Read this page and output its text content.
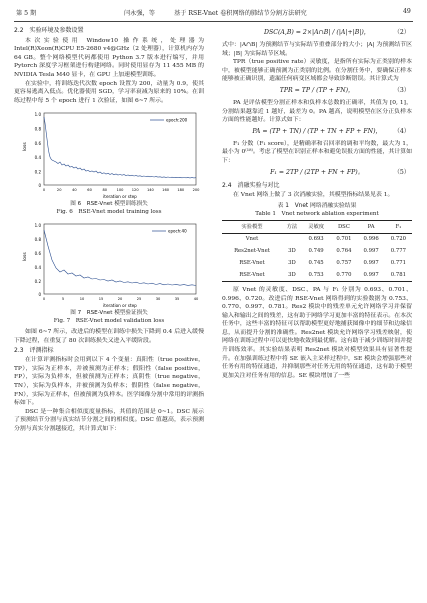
第 5 期	闫永强，等	基于 RSE-Vnet 卷积网络的肺结节分割方法研究	49
2.2　实验环境及参数设置

本次实验使用 Window10 操作系统，处理器为 Intel(R)Xeon(R)CPU E5-2680 v4@GHz（2 处理器），计算机内存为 64 GB。整个网络模型代码都使用 Python 3.7 版本进行编写，并用 Pytorch 深度学习框架进行构建网络。同时使用显存为 11 455 MB 的 NVIDIA Tesla M40 显卡，在 GPU 上加速模型训练。

在实验中，将训练迭代次数 epoch 设置为 200，动量为 0.9，使其更容易逃离入低点。优化器使用 SGD，学习率衰减为原来的 10%。在训练过程中每 5 个 epoch 进行 1 次验证，如图 6~7 所示。

loss
1.0
0.8
0.6
0.4
0.2
0
0	20	40	60	80	100 120 140 160 180 200
iteration or step
epoch:200

图 6　RSE-Vnet 模型训练损失

Fig. 6　RSE-Vnet model training loss

loss
1.0
0.8
0.6
0.4
0.2
0
0	5	10	15	20	25	30	35	40
iteration or step
epoch:40

图 7　RSE-Vnet 模型验证损失

Fig. 7　RSE-Vnet model validation loss

如图 6~7 所示，改进后的模型在训练中损失下降到 0.4 后进入缓慢下降过程，在重复了 80 次训练损失又进入平缓阶段。

2.3　评测指标

在计算评测指标时会用到以下 4 个变量：真阳性（true positive，TP），实际为正样本，并被预测为正样本；假阳性（false positive，FP），实际为负样本，但被预测为正样本；真阴性（true negative，TN），实际为负样本，并被预测为负样本；假阴性（false negative，FN），实际为正样本，但被预测为负样本。医学图像分割中常用的评测指标如下。

DSC 是一种集合相似度度量指标，其值的范围是 0~1。DSC 展示了预测结节分割与真实结节分割之间的相似度。DSC 值越高，表示预测分割与真实分割越接近，其计算式如下：

DSC(A,B) = 2×|A∩B| / (|A|+|B|)，	（2）

式中：|A∩B| 为预测结节与实际结节重叠部分的大小；|A| 为预测结节区域；|B| 为实际结节区域。

TPR（true positive rate）灵敏度，是指所有实际为正类别的样本中，被模型能够正确预测为正类别的比例。在分割任务中，要确保正样本能够被正确识别，遗漏任何病变区域都会导致诊断错误。其计算式为

TPR = TP / (TP + FN)，	（3）

PA 是评估模型分割正样本和负样本总数的正确率，其值为 [0, 1]，分割结果越靠近 1 越好，最差为 0。PA 越高，说明模型在区分正负样本方面的性能越好。计算式如下：

PA = (TP + TN) / (TP + TN + FP + FN)，	（4）

F₁ 分数（F₁ score），是精确率和召回率的调和平均数，最大为 1，最小为 0⁽¹⁸⁾。考虑了模型在识别正样本和避免误报方面的性能，其计算如下：

F₁ = 2TP / (2TP + FN + FP)。	（5）
2.4　消融实验与对比

在 Vnet 网络上做了 3 次消融实验，其模型指标结果见表 1。

表 1　Vnet 网络消融实验结果

Table 1　Vnet network ablation experiment

实验模型	方法	灵敏度	DSC	PA	F₁
Vnet		0.693	0.701	0.996	0.720
Res2net-Vnet	3D	0.749	0.764	0.997	0.777
RSE-Vnet	3D	0.745	0.757	0.997	0.771
RSE-Vnet	3D	0.753	0.770	0.997	0.781

原 Vnet 的灵敏度、DSC、PA 与 F₁ 分别为 0.693、0.701、0.996、0.720。改进后的 RSE-Vnet 网络得到的实验数据为 0.753、0.770、0.997、0.781。Res2 模块中的残差单元允许网络学习并保留输入和输出之间的残差，这有助于网络学习更加丰富的特征表示。在本次任务中，这些丰富的特征可以帮助模型更好地捕获图像中的细节和边缘信息，从而提升分割的准确性。Res2net 模块允许网络学习残差映射，使网络在训练过程中可以更快地收敛到最优解。这有助于减少训练时间并提升训练效率。其实验结果表明 Res2net 模块对模型效果具有显著性提升。在加强训练过程中将 SE 嵌入主采样过程中，SE 模块会增强那些对任务有用的特征通道，并抑制那些对任务无用的特征通道，这有助于模型更加关注对任务有用的信息。SE 模块增加了一些
